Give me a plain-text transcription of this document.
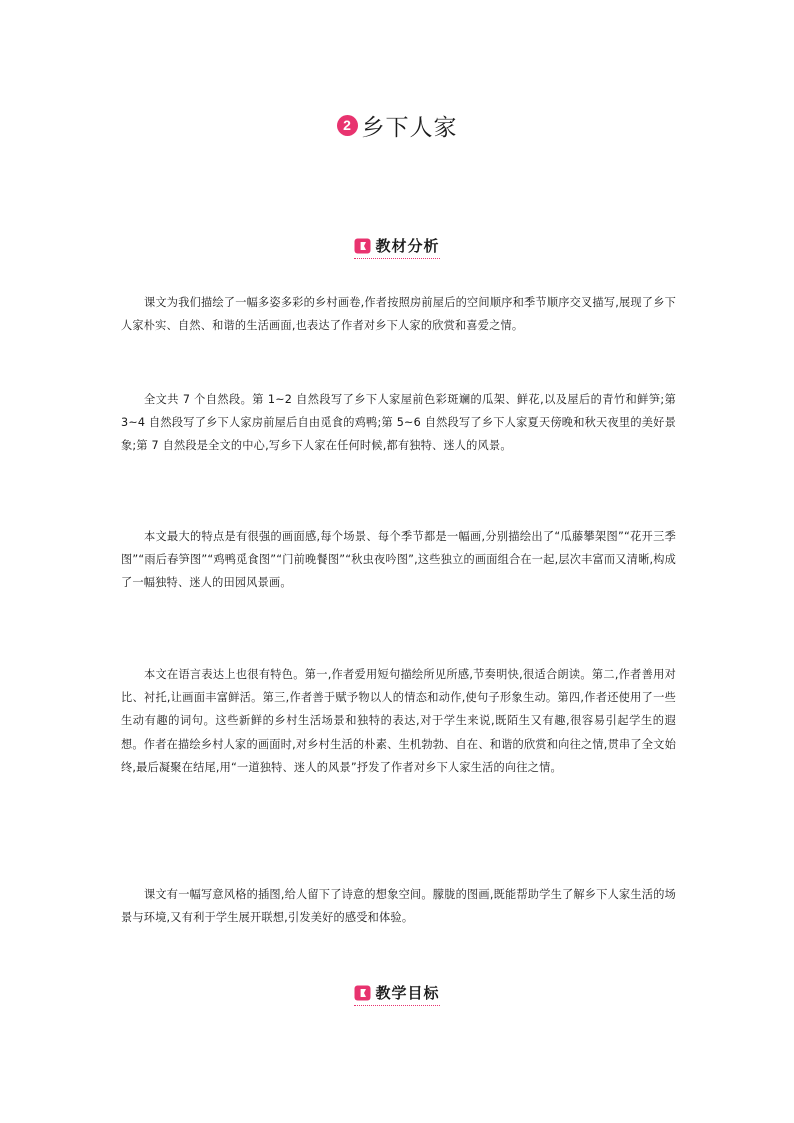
2 乡下人家
教材分析

课文为我们描绘了一幅多姿多彩的乡村画卷,作者按照房前屋后的空间顺序和季节顺序交叉描写,展现了乡下人家朴实、自然、和谐的生活画面,也表达了作者对乡下人家的欣赏和喜爱之情。

全文共 7 个自然段。第 1~2 自然段写了乡下人家屋前色彩斑斓的瓜架、鲜花,以及屋后的青竹和鲜笋;第 3~4 自然段写了乡下人家房前屋后自由觅食的鸡鸭;第 5~6 自然段写了乡下人家夏天傍晚和秋天夜里的美好景象;第 7 自然段是全文的中心,写乡下人家在任何时候,都有独特、迷人的风景。

本文最大的特点是有很强的画面感,每个场景、每个季节都是一幅画,分别描绘出了“瓜藤攀架图”“花开三季图”“雨后春笋图”“鸡鸭觅食图”“门前晚餐图”“秋虫夜吟图”,这些独立的画面组合在一起,层次丰富而又清晰,构成了一幅独特、迷人的田园风景画。

本文在语言表达上也很有特色。第一,作者爱用短句描绘所见所感,节奏明快,很适合朗读。第二,作者善用对比、衬托,让画面丰富鲜活。第三,作者善于赋予物以人的情态和动作,使句子形象生动。第四,作者还使用了一些生动有趣的词句。这些新鲜的乡村生活场景和独特的表达,对于学生来说,既陌生又有趣,很容易引起学生的遐想。作者在描绘乡村人家的画面时,对乡村生活的朴素、生机勃勃、自在、和谐的欣赏和向往之情,贯串了全文始终,最后凝聚在结尾,用“一道独特、迷人的风景”抒发了作者对乡下人家生活的向往之情。

课文有一幅写意风格的插图,给人留下了诗意的想象空间。朦胧的图画,既能帮助学生了解乡下人家生活的场景与环境,又有利于学生展开联想,引发美好的感受和体验。

教学目标
